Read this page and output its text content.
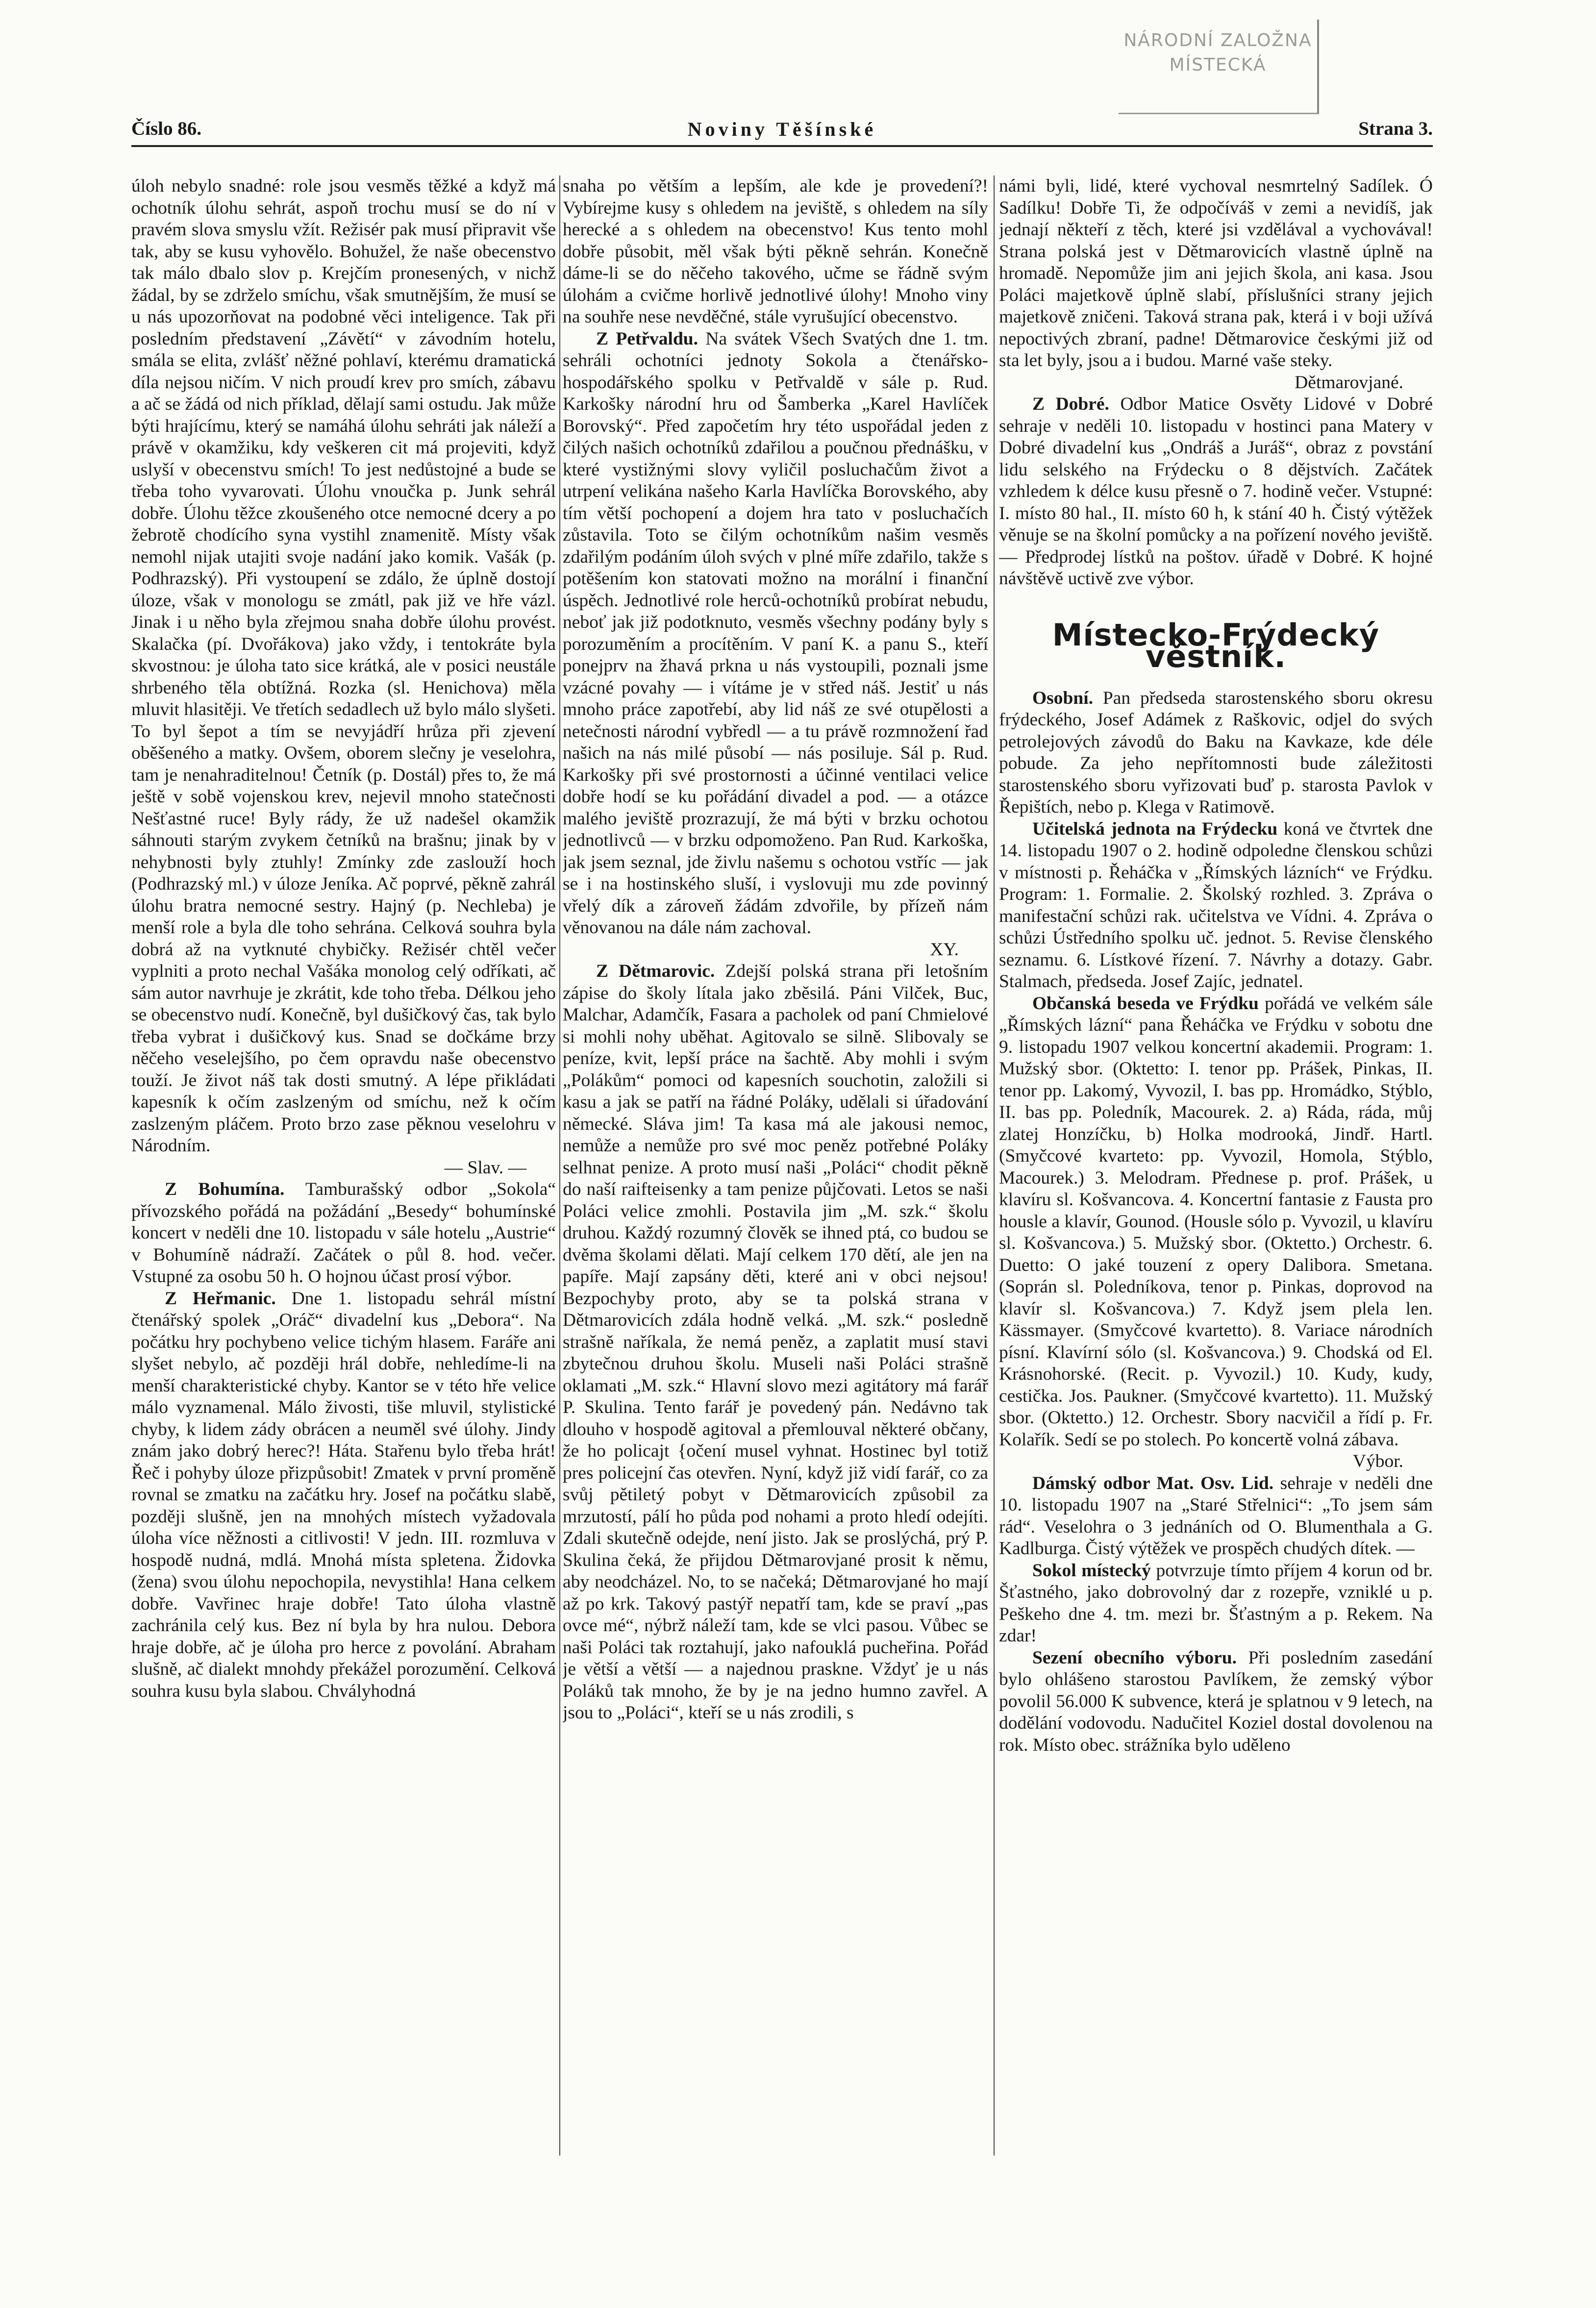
NÁRODNÍ ZALOŽNA
MÍSTECKÁ
Číslo 86.	Noviny Těšínské	Strana 3.

úloh nebylo snadné: role jsou vesměs těžké a když má ochotník úlohu sehrát, aspoň trochu musí se do ní v pravém slova smyslu vžít. Režisér pak musí připravit vše tak, aby se kusu vyhovělo. Bohužel, že naše obecenstvo tak málo dbalo slov p. Krejčím pronesených, v nichž žádal, by se zdrželo smíchu, však smutnějším, že musí se u nás upozorňovat na podobné věci inteligence. Tak při posledním představení „Závětí“ v závodním hotelu, smála se elita, zvlášť něžné pohlaví, kterému dramatická díla nejsou ničím. V nich proudí krev pro smích, zábavu a ač se žádá od nich příklad, dělají sami ostudu. Jak může býti hrajícímu, který se namáhá úlohu sehráti jak náleží a právě v okamžiku, kdy veškeren cit má projeviti, když uslyší v obecenstvu smích! To jest nedůstojné a bude se třeba toho vyvarovati. Úlohu vnoučka p. Junk sehrál dobře. Úlohu těžce zkoušeného otce nemocné dcery a po žebrotě chodícího syna vystihl znamenitě. Místy však nemohl nijak utajiti svoje nadání jako komik. Vašák (p. Podhrazský). Při vystoupení se zdálo, že úplně dostojí úloze, však v monologu se zmátl, pak již ve hře vázl. Jinak i u něho byla zřejmou snaha dobře úlohu provést. Skalačka (pí. Dvořákova) jako vždy, i tentokráte byla skvostnou: je úloha tato sice krátká, ale v posici neustále shrbeného těla obtížná. Rozka (sl. Henichova) měla mluvit hlasitěji. Ve třetích sedadlech už bylo málo slyšeti. To byl šepot a tím se nevyjádří hrůza při zjevení oběšeného a matky. Ovšem, oborem slečny je veselohra, tam je nenahraditelnou! Četník (p. Dostál) přes to, že má ještě v sobě vojenskou krev, nejevil mnoho statečnosti Nešťastné ruce! Byly rády, že už nadešel okamžik sáhnouti starým zvykem četníků na brašnu; jinak by v nehybnosti byly ztuhly! Zmínky zde zaslouží hoch (Podhrazský ml.) v úloze Jeníka. Ač poprvé, pěkně zahrál úlohu bratra nemocné sestry. Hajný (p. Nechleba) je menší role a byla dle toho sehrána. Celková souhra byla dobrá až na vytknuté chybičky. Režisér chtěl večer vyplniti a proto nechal Vašáka monolog celý odříkati, ač sám autor navrhuje je zkrátit, kde toho třeba. Délkou jeho se obecenstvo nudí. Konečně, byl dušičkový čas, tak bylo třeba vybrat i dušičkový kus. Snad se dočkáme brzy něčeho veselejšího, po čem opravdu naše obecenstvo touží. Je život náš tak dosti smutný. A lépe přikládati kapesník k očím zaslzeným od smíchu, než k očím zaslzeným pláčem. Proto brzo zase pěknou veselohru v Národním.

— Slav. —

Z Bohumína. Tamburašský odbor „Sokola“ přívozského pořádá na požádání „Besedy“ bohumínské koncert v neděli dne 10. listopadu v sále hotelu „Austrie“ v Bohumíně nádraží. Začátek o půl 8. hod. večer. Vstupné za osobu 50 h. O hojnou účast prosí výbor.

Z Heřmanic. Dne 1. listopadu sehrál místní čtenářský spolek „Oráč“ divadelní kus „Debora“. Na počátku hry pochybeno velice tichým hlasem. Faráře ani slyšet nebylo, ač později hrál dobře, nehledíme-li na menší charakteristické chyby. Kantor se v této hře velice málo vyznamenal. Málo živosti, tiše mluvil, stylistické chyby, k lidem zády obrácen a neuměl své úlohy. Jindy znám jako dobrý herec?! Háta. Stařenu bylo třeba hrát! Řeč i pohyby úloze přizpůsobit! Zmatek v první proměně rovnal se zmatku na začátku hry. Josef na počátku slabě, později slušně, jen na mnohých místech vyžadovala úloha více něžnosti a citlivosti! V jedn. III. rozmluva v hospodě nudná, mdlá. Mnohá místa spletena. Židovka (žena) svou úlohu nepochopila, nevystihla! Hana celkem dobře. Vavřinec hraje dobře! Tato úloha vlastně zachránila celý kus. Bez ní byla by hra nulou. Debora hraje dobře, ač je úloha pro herce z povolání. Abraham slušně, ač dialekt mnohdy překážel porozumění. Celková souhra kusu byla slabou. Chvályhodná

snaha po větším a lepším, ale kde je provedení?! Vybírejme kusy s ohledem na jeviště, s ohledem na síly herecké a s ohledem na obecenstvo! Kus tento mohl dobře působit, měl však býti pěkně sehrán. Konečně dáme-li se do něčeho takového, učme se řádně svým úlohám a cvičme horlivě jednotlivé úlohy! Mnoho viny na souhře nese nevděčné, stále vyrušující obecenstvo.

Z Petřvaldu. Na svátek Všech Svatých dne 1. tm. sehráli ochotníci jednoty Sokola a čtenářsko-hospodářského spolku v Petřvaldě v sále p. Rud. Karkošky národní hru od Šamberka „Karel Havlíček Borovský“. Před započetím hry této uspořádal jeden z čilých našich ochotníků zdařilou a poučnou přednášku, v které vystižnými slovy vyličil posluchačům život a utrpení velikána našeho Karla Havlíčka Borovského, aby tím větší pochopení a dojem hra tato v posluchačích zůstavila. Toto se čilým ochotníkům našim vesměs zdařilým podáním úloh svých v plné míře zdařilo, takže s potěšením kon statovati možno na morální i finanční úspěch. Jednotlivé role herců-ochotníků probírat nebudu, neboť jak již podotknuto, vesměs všechny podány byly s porozuměním a procítěním. V paní K. a panu S., kteří ponejprv na žhavá prkna u nás vystoupili, poznali jsme vzácné povahy — i vítáme je v střed náš. Jestiť u nás mnoho práce zapotřebí, aby lid náš ze své otupělosti a netečnosti národní vybředl — a tu právě rozmnožení řad našich na nás milé působí — nás posiluje. Sál p. Rud. Karkošky při své prostornosti a účinné ventilaci velice dobře hodí se ku pořádání divadel a pod. — a otázce malého jeviště prozrazují, že má býti v brzku ochotou jednotlivců — v brzku odpomoženo. Pan Rud. Karkoška, jak jsem seznal, jde živlu našemu s ochotou vstříc — jak se i na hostinského sluší, i vyslovuji mu zde povinný vřelý dík a zároveň žádám zdvořile, by přízeň nám věnovanou na dále nám zachoval.

XY.

Z Dětmarovic. Zdejší polská strana při letošním zápise do školy lítala jako zběsilá. Páni Vilček, Buc, Malchar, Adamčík, Fasara a pacholek od paní Chmielové si mohli nohy uběhat. Agitovalo se silně. Slibovaly se peníze, kvit, lepší práce na šachtě. Aby mohli i svým „Polákům“ pomoci od kapesních souchotin, založili si kasu a jak se patří na řádné Poláky, udělali si úřadování německé. Sláva jim! Ta kasa má ale jakousi nemoc, nemůže a nemůže pro své moc peněz potřebné Poláky selhnat penize. A proto musí naši „Poláci“ chodit pěkně do naší raifteisenky a tam penize půjčovati. Letos se naši Poláci velice zmohli. Postavila jim „M. szk.“ školu druhou. Každý rozumný člověk se ihned ptá, co budou se dvěma školami dělati. Mají celkem 170 dětí, ale jen na papíře. Mají zapsány děti, které ani v obci nejsou! Bezpochyby proto, aby se ta polská strana v Dětmarovicích zdála hodně velká. „M. szk.“ posledně strašně naříkala, že nemá peněz, a zaplatit musí stavi zbytečnou druhou školu. Museli naši Poláci strašně oklamati „M. szk.“ Hlavní slovo mezi agitátory má farář P. Skulina. Tento farář je povedený pán. Nedávno tak dlouho v hospodě agitoval a přemlouval některé občany, že ho policajt {očení musel vyhnat. Hostinec byl totiž pres policejní čas otevřen. Nyní, když již vidí farář, co za svůj pětiletý pobyt v Dětmarovicích způsobil za mrzutostí, pálí ho půda pod nohami a proto hledí odejíti. Zdali skutečně odejde, není jisto. Jak se proslýchá, prý P. Skulina čeká, že přijdou Dětmarovjané prosit k němu, aby neodcházel. No, to se načeká; Dětmarovjané ho mají až po krk. Takový pastýř nepatří tam, kde se praví „pas ovce mé“, nýbrž náleží tam, kde se vlci pasou. Vůbec se naši Poláci tak roztahují, jako nafouklá pucheřina. Pořád je větší a větší — a najednou praskne. Vždyť je u nás Poláků tak mnoho, že by je na jedno humno zavřel. A jsou to „Poláci“, kteří se u nás zrodili, s

námi byli, lidé, které vychoval nesmrtelný Sadílek. Ó Sadílku! Dobře Ti, že odpočíváš v zemi a nevidíš, jak jednají někteří z těch, které jsi vzdělával a vychovával! Strana polská jest v Dětmarovicích vlastně úplně na hromadě. Nepomůže jim ani jejich škola, ani kasa. Jsou Poláci majetkově úplně slabí, příslušníci strany jejich majetkově zničeni. Taková strana pak, která i v boji užívá nepoctivých zbraní, padne! Dětmarovice českými již od sta let byly, jsou a i budou. Marné vaše steky.

Dětmarovjané.

Z Dobré. Odbor Matice Osvěty Lidové v Dobré sehraje v neděli 10. listopadu v hostinci pana Matery v Dobré divadelní kus „Ondráš a Juráš“, obraz z povstání lidu selského na Frýdecku o 8 dějstvích. Začátek vzhledem k délce kusu přesně o 7. hodině večer. Vstupné: I. místo 80 hal., II. místo 60 h, k stání 40 h. Čistý výtěžek věnuje se na školní pomůcky a na pořízení nového jeviště. — Předprodej lístků na poštov. úřadě v Dobré. K hojné návštěvě uctivě zve výbor.

Místecko-Frýdecký věstník.

Osobní. Pan předseda starostenského sboru okresu frýdeckého, Josef Adámek z Raškovic, odjel do svých petrolejových závodů do Baku na Kavkaze, kde déle pobude. Za jeho nepřítomnosti bude záležitosti starostenského sboru vyřizovati buď p. starosta Pavlok v Řepištích, nebo p. Klega v Ratimově.

Učitelská jednota na Frýdecku koná ve čtvrtek dne 14. listopadu 1907 o 2. hodině odpoledne členskou schůzi v místnosti p. Řeháčka v „Římských lázních“ ve Frýdku. Program: 1. Formalie. 2. Školský rozhled. 3. Zpráva o manifestační schůzi rak. učitelstva ve Vídni. 4. Zpráva o schůzi Ústředního spolku uč. jednot. 5. Revise členského seznamu. 6. Lístkové řízení. 7. Návrhy a dotazy. Gabr. Stalmach, předseda. Josef Zajíc, jednatel.

Občanská beseda ve Frýdku pořádá ve velkém sále „Římských lázní“ pana Řeháčka ve Frýdku v sobotu dne 9. listopadu 1907 velkou koncertní akademii. Program: 1. Mužský sbor. (Oktetto: I. tenor pp. Prášek, Pinkas, II. tenor pp. Lakomý, Vyvozil, I. bas pp. Hromádko, Stýblo, II. bas pp. Poledník, Macourek. 2. a) Ráda, ráda, můj zlatej Honzíčku, b) Holka modrooká, Jindř. Hartl. (Smyčcové kvarteto: pp. Vyvozil, Homola, Stýblo, Macourek.) 3. Melodram. Přednese p. prof. Prášek, u klavíru sl. Košvancova. 4. Koncertní fantasie z Fausta pro housle a klavír, Gounod. (Housle sólo p. Vyvozil, u klavíru sl. Košvancova.) 5. Mužský sbor. (Oktetto.) Orchestr. 6. Duetto: O jaké touzení z opery Dalibora. Smetana. (Soprán sl. Poledníkova, tenor p. Pinkas, doprovod na klavír sl. Košvancova.) 7. Když jsem plela len. Kässmayer. (Smyčcové kvartetto). 8. Variace národních písní. Klavírní sólo (sl. Košvancova.) 9. Chodská od El. Krásnohorské. (Recit. p. Vyvozil.) 10. Kudy, kudy, cestička. Jos. Paukner. (Smyčcové kvartetto). 11. Mužský sbor. (Oktetto.) 12. Orchestr. Sbory nacvičil a řídí p. Fr. Kolařík. Sedí se po stolech. Po koncertě volná zábava.

Výbor.

Dámský odbor Mat. Osv. Lid. sehraje v neděli dne 10. listopadu 1907 na „Staré Střelnici“: „To jsem sám rád“. Veselohra o 3 jednáních od O. Blumenthala a G. Kadlburga. Čistý výtěžek ve prospěch chudých dítek. —

Sokol místecký potvrzuje tímto příjem 4 korun od br. Šťastného, jako dobrovolný dar z rozepře, vzniklé u p. Peškeho dne 4. tm. mezi br. Šťastným a p. Rekem. Na zdar!

Sezení obecního výboru. Při posledním zasedání bylo ohlášeno starostou Pavlíkem, že zemský výbor povolil 56.000 K subvence, která je splatnou v 9 letech, na dodělání vodovodu. Nadučitel Koziel dostal dovolenou na rok. Místo obec. strážníka bylo uděleno
